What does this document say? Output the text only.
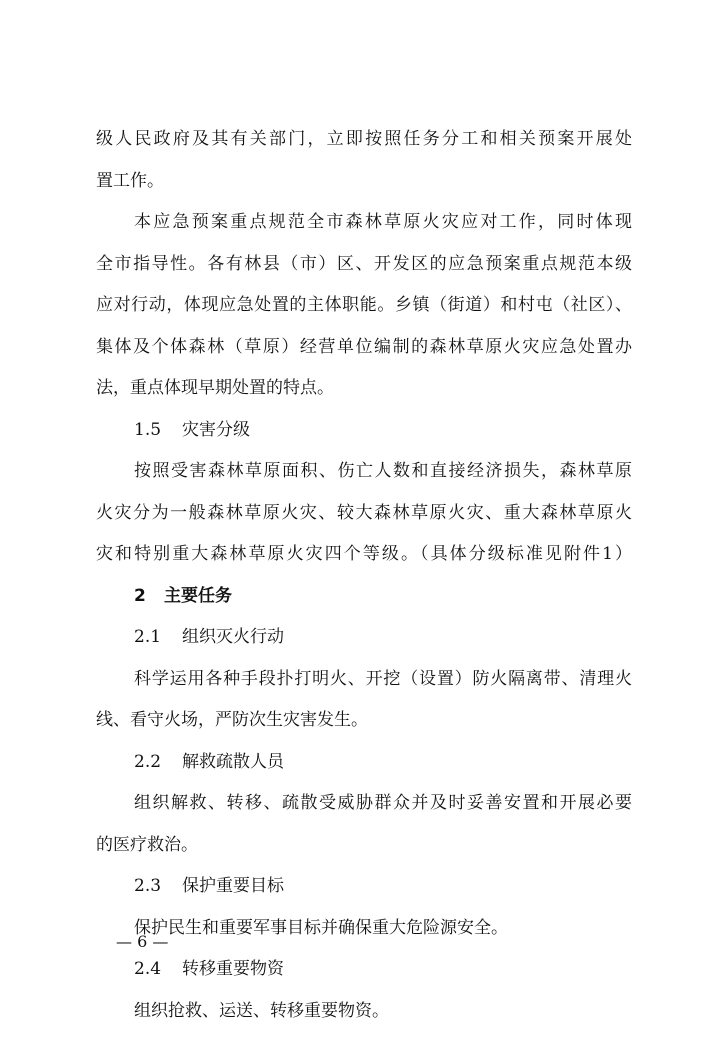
级人民政府及其有关部门，立即按照任务分工和相关预案开展处
置工作。
本应急预案重点规范全市森林草原火灾应对工作，同时体现
全市指导性。各有林县（市）区、开发区的应急预案重点规范本级
应对行动，体现应急处置的主体职能。乡镇（街道）和村屯（社区）、
集体及个体森林（草原）经营单位编制的森林草原火灾应急处置办
法，重点体现早期处置的特点。
1.5 灾害分级
按照受害森林草原面积、伤亡人数和直接经济损失，森林草原
火灾分为一般森林草原火灾、较大森林草原火灾、重大森林草原火
灾和特别重大森林草原火灾四个等级。（具体分级标准见附件1）
2 主要任务
2.1 组织灭火行动
科学运用各种手段扑打明火、开挖（设置）防火隔离带、清理火
线、看守火场，严防次生灾害发生。
2.2 解救疏散人员
组织解救、转移、疏散受威胁群众并及时妥善安置和开展必要
的医疗救治。
2.3 保护重要目标
保护民生和重要军事目标并确保重大危险源安全。
2.4 转移重要物资
组织抢救、运送、转移重要物资。
— 6 —
